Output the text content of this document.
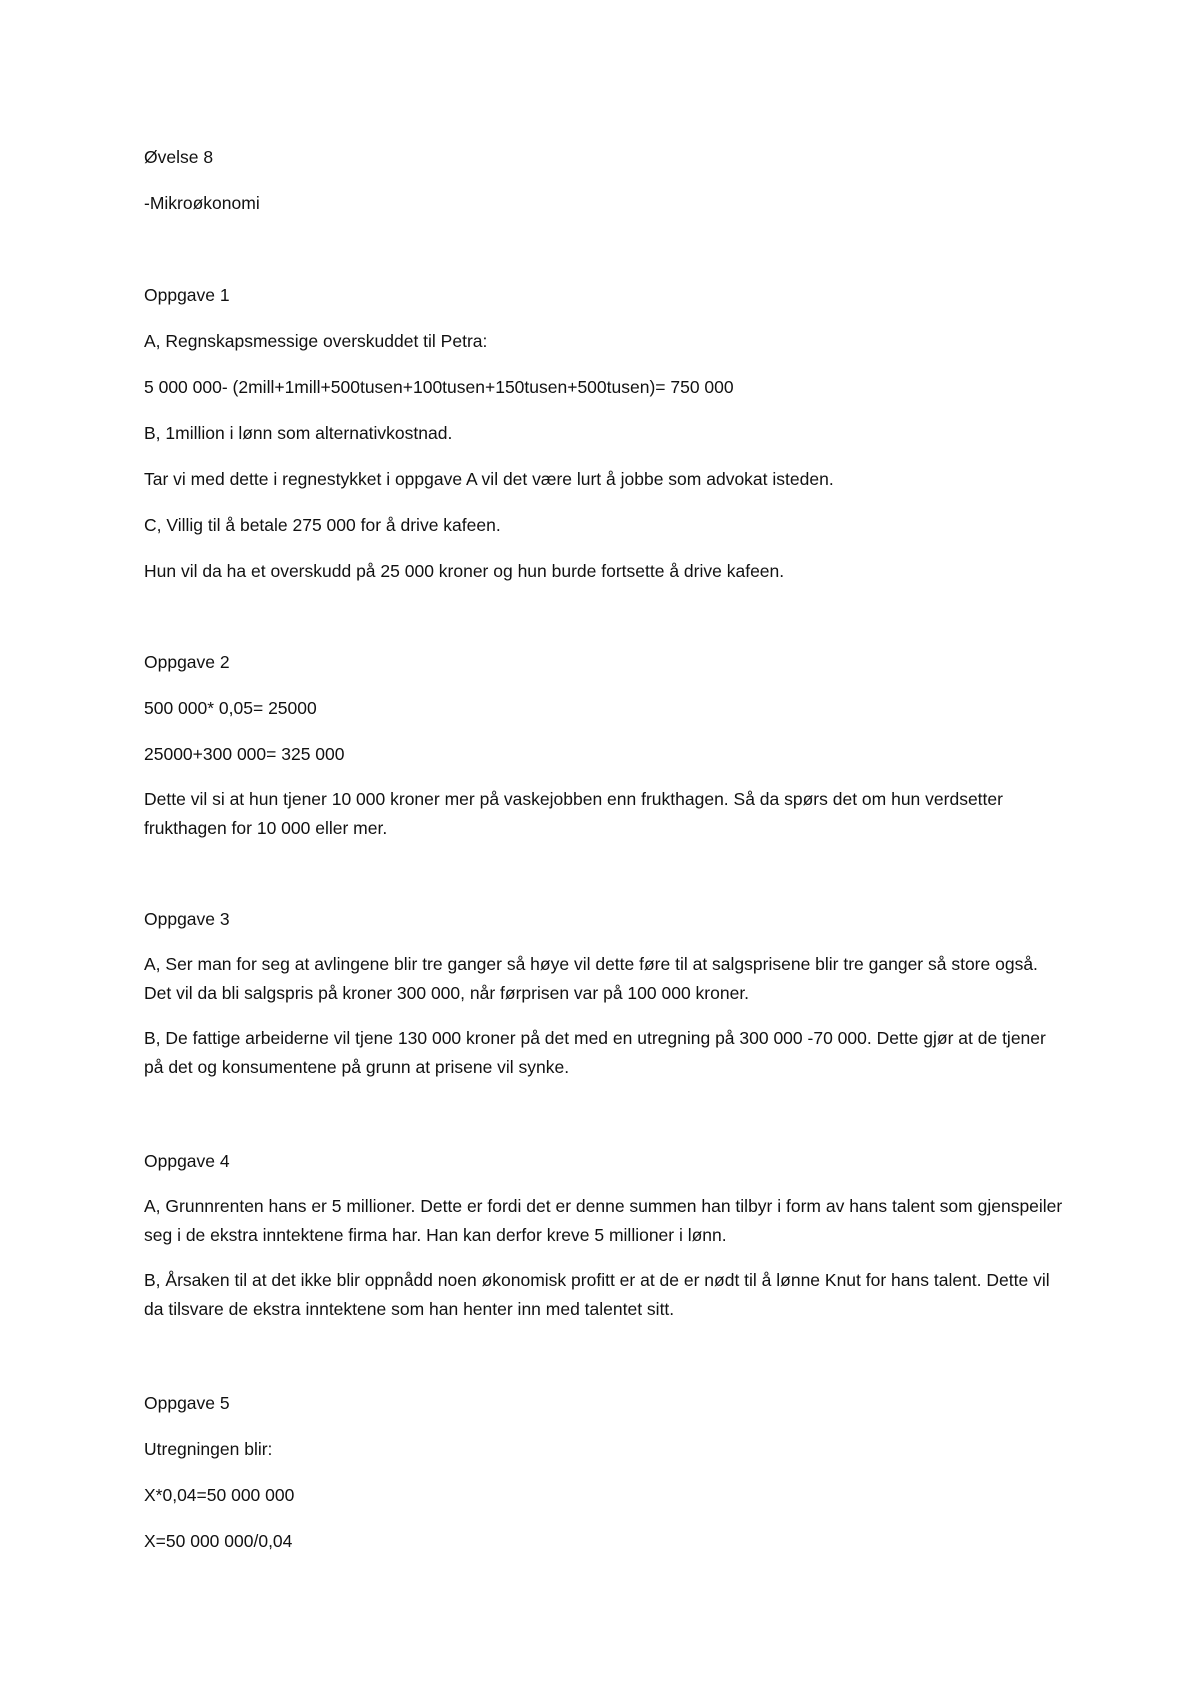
Øvelse 8

-Mikroøkonomi

Oppgave 1

A, Regnskapsmessige overskuddet til Petra:

5 000 000- (2mill+1mill+500tusen+100tusen+150tusen+500tusen)= 750 000

B, 1million i lønn som alternativkostnad.

Tar vi med dette i regnestykket i oppgave A vil det være lurt å jobbe som advokat isteden.

C, Villig til å betale 275 000 for å drive kafeen.

Hun vil da ha et overskudd på 25 000 kroner og hun burde fortsette å drive kafeen.

Oppgave 2

500 000* 0,05= 25000

25000+300 000= 325 000

Dette vil si at hun tjener 10 000 kroner mer på vaskejobben enn frukthagen. Så da spørs det om hun verdsetter frukthagen for 10 000 eller mer.

Oppgave 3

A, Ser man for seg at avlingene blir tre ganger så høye vil dette føre til at salgsprisene blir tre ganger så store også. Det vil da bli salgspris på kroner 300 000, når førprisen var på 100 000 kroner.

B, De fattige arbeiderne vil tjene 130 000 kroner på det med en utregning på 300 000 -70 000. Dette gjør at de tjener på det og konsumentene på grunn at prisene vil synke.

Oppgave 4

A, Grunnrenten hans er 5 millioner. Dette er fordi det er denne summen han tilbyr i form av hans talent som gjenspeiler seg i de ekstra inntektene firma har. Han kan derfor kreve 5 millioner i lønn.

B, Årsaken til at det ikke blir oppnådd noen økonomisk profitt er at de er nødt til å lønne Knut for hans talent. Dette vil da tilsvare de ekstra inntektene som han henter inn med talentet sitt.

Oppgave 5

Utregningen blir:

X*0,04=50 000 000

X=50 000 000/0,04
